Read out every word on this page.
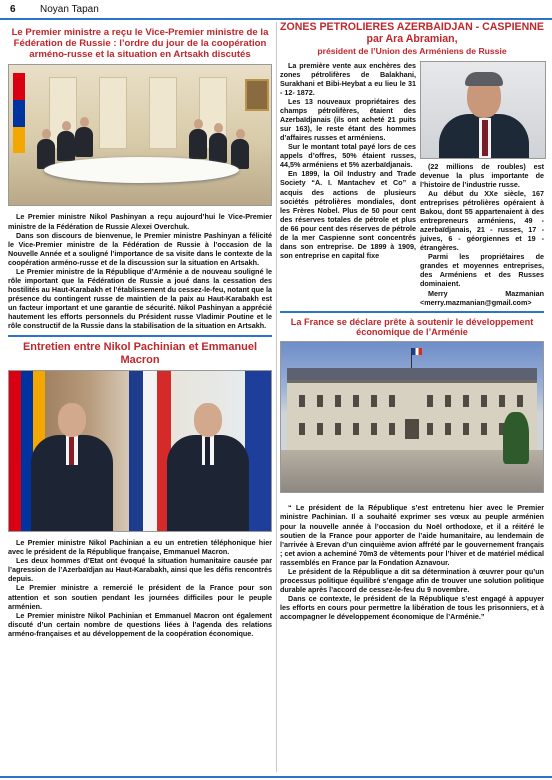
6 Noyan Tapan
Le Premier ministre a reçu le Vice-Premier ministre de la Fédération de Russie : l’ordre du jour de la coopération arméno-russe et la situation en Artsakh discutés

Le Premier ministre Nikol Pashinyan a reçu aujourd’hui le Vice-Premier ministre de la Fédération de Russie Alexei Overchuk.

Dans son discours de bienvenue, le Premier ministre Pashinyan a félicité le Vice-Premier ministre de la Fédération de Russie à l’occasion de la Nouvelle Année et a souligné l’importance de sa visite dans le contexte de la coopération arméno-russe et de la discussion sur la situation en Artsakh.

Le Premier ministre de la République d’Arménie a de nouveau souligné le rôle important que la Fédération de Russie a joué dans la cessation des hostilités au Haut-Karabakh et l’établissement du cessez-le-feu, notant que la présence du contingent russe de maintien de la paix au Haut-Karabakh est un facteur important et une garantie de sécurité. Nikol Pashinyan a apprécié hautement les efforts personnels du Président russe Vladimir Poutine et le rôle constructif de la Russie dans la stabilisation de la situation en Artsakh.

Entretien entre Nikol Pachinian et Emmanuel Macron

Le Premier ministre Nikol Pachinian a eu un entretien téléphonique hier avec le président de la République française, Emmanuel Macron.

Les deux hommes d’Etat ont évoqué la situation humanitaire causée par l’agression de l’Azerbaïdjan au Haut-Karabakh, ainsi que les défis rencontrés depuis.

Le Premier ministre a remercié le président de la France pour son attention et son soutien pendant les journées difficiles pour le peuple arménien.

Le Premier ministre Nikol Pachinian et Emmanuel Macron ont également discuté d’un certain nombre de questions liées à l’agenda des relations arméno-françaises et au développement de la coopération économique.

ZONES PETROLIERES AZERBAIDJAN - CASPIENNE par Ara Abramian,
président de l’Union des Arméniens de Russie

La première vente aux enchères des zones pétrolifères de Balakhani, Surakhani et Bibi-Heybat a eu lieu le 31 - 12- 1872.

Les 13 nouveaux propriétaires des champs pétrolifères, étaient des Azerbaïdjanais (ils ont acheté 21 puits sur 163), le reste étant des hommes d’affaires russes et arméniens.

Sur le montant total payé lors de ces appels d’offres, 50% étaient russes, 44,5% arméniens et 5% azerbaïdjanais.

En 1899, la Oil Industry and Trade Society “A. I. Mantachev et Co” a acquis des actions de plusieurs sociétés pétrolières mondiales, dont les Frères Nobel. Plus de 50 pour cent des réserves totales de pétrole et plus de 66 pour cent des réserves de pétrole de la mer Caspienne sont concentrés dans son entreprise. De 1899 à 1909, son entreprise en capital fixe

(22 millions de roubles) est devenue la plus importante de l’histoire de l’industrie russe.

Au début du XXe siècle, 167 entreprises pétrolières opéraient à Bakou, dont 55 appartenaient à des entrepreneurs arméniens, 49 - azerbaïdjanais, 21 - russes, 17 - juives, 6 - géorgiennes et 19 - étrangères.

Parmi les propriétaires de grandes et moyennes entreprises, des Arméniens et des Russes dominaient.

Merry Mazmanian <merry.mazmanian@gmail.com>

La France se déclare prête à soutenir le développement économique de l’Arménie

“ Le président de la République s’est entretenu hier avec le Premier ministre Pachinian. Il a souhaité exprimer ses vœux au peuple arménien pour la nouvelle année à l’occasion du Noël orthodoxe, et il a réitéré le soutien de la France pour apporter de l’aide humanitaire, au lendemain de l’arrivée à Erevan d’un cinquième avion affrété par le gouvernement français ; cet avion a acheminé 70m3 de vêtements pour l’hiver et de matériel médical rassemblés en France par la Fondation Aznavour.

Le président de la République a dit sa détermination à œuvrer pour qu’un processus politique équilibré s’engage afin de trouver une solution politique durable après l’accord de cessez-le-feu du 9 novembre.

Dans ce contexte, le président de la République s’est engagé à appuyer les efforts en cours pour permettre la libération de tous les prisonniers, et à accompagner le développement économique de l’Arménie.”
